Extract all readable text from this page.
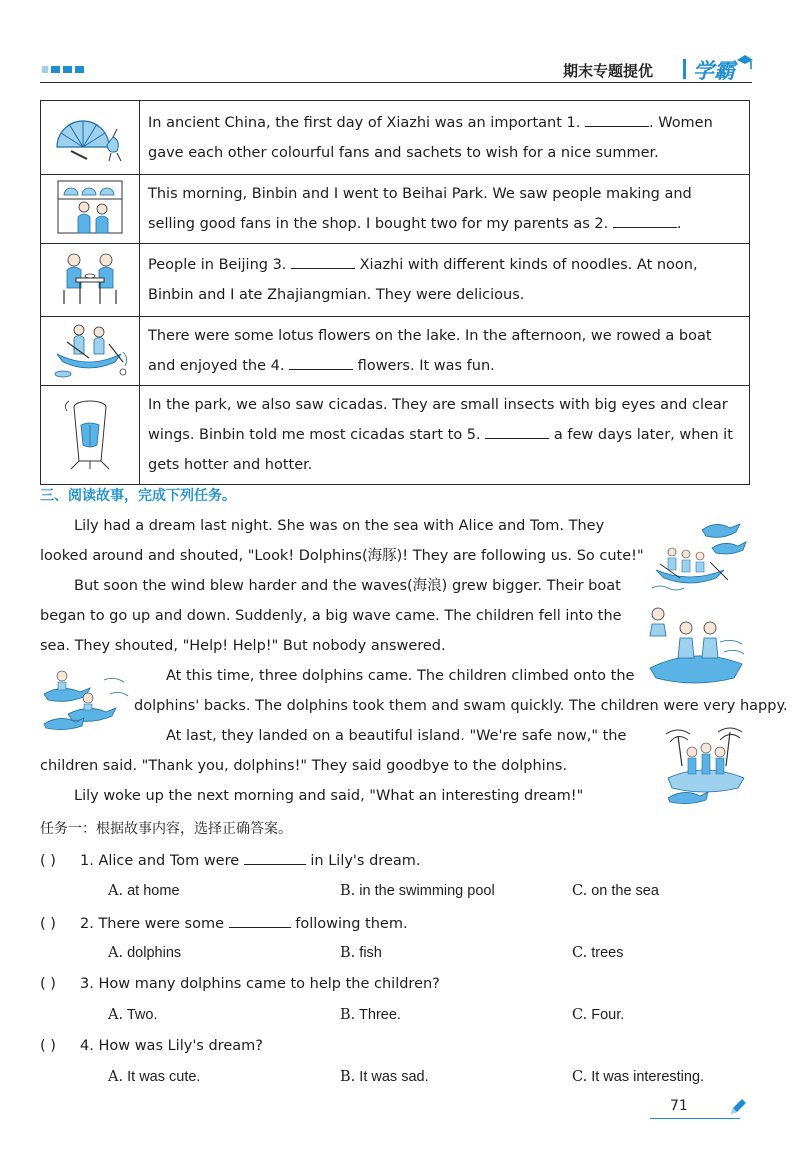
期末专题提优 学霸
	In ancient China, the first day of Xiazhi was an important 1. . Women gave each other colourful fans and sachets to wish for a nice summer.
	This morning, Binbin and I went to Beihai Park. We saw people making and selling good fans in the shop. I bought two for my parents as 2. .
	People in Beijing 3. Xiazhi with different kinds of noodles. At noon, Binbin and I ate Zhajiangmian. They were delicious.
	There were some lotus flowers on the lake. In the afternoon, we rowed a boat and enjoyed the 4. flowers. It was fun.
	In the park, we also saw cicadas. They are small insects with big eyes and clear wings. Binbin told me most cicadas start to 5. a few days later, when it gets hotter and hotter.
三、阅读故事，完成下列任务。
Lily had a dream last night. She was on the sea with Alice and Tom. They looked around and shouted, "Look! Dolphins(海豚)! They are following us. So cute!"
But soon the wind blew harder and the waves(海浪) grew bigger. Their boat began to go up and down. Suddenly, a big wave came. The children fell into the sea. They shouted, "Help! Help!" But nobody answered.
At this time, three dolphins came. The children climbed onto the
dolphins' backs. The dolphins took them and swam quickly. The children were very happy.
At last, they landed on a beautiful island. "We're safe now," the
children said. "Thank you, dolphins!" They said goodbye to the dolphins.
Lily woke up the next morning and said, "What an interesting dream!"
任务一：根据故事内容，选择正确答案。
( ) 1. Alice and Tom were	in Lily's dream.
A. at home	B. in the swimming pool	C. on the sea
( ) 2. There were some	following them.
A. dolphins	B. fish	C. trees
( ) 3. How many dolphins came to help the children?
A. Two.	B. Three.	C. Four.
( ) 4. How was Lily's dream?
A. It was cute.	B. It was sad.	C. It was interesting.
71
